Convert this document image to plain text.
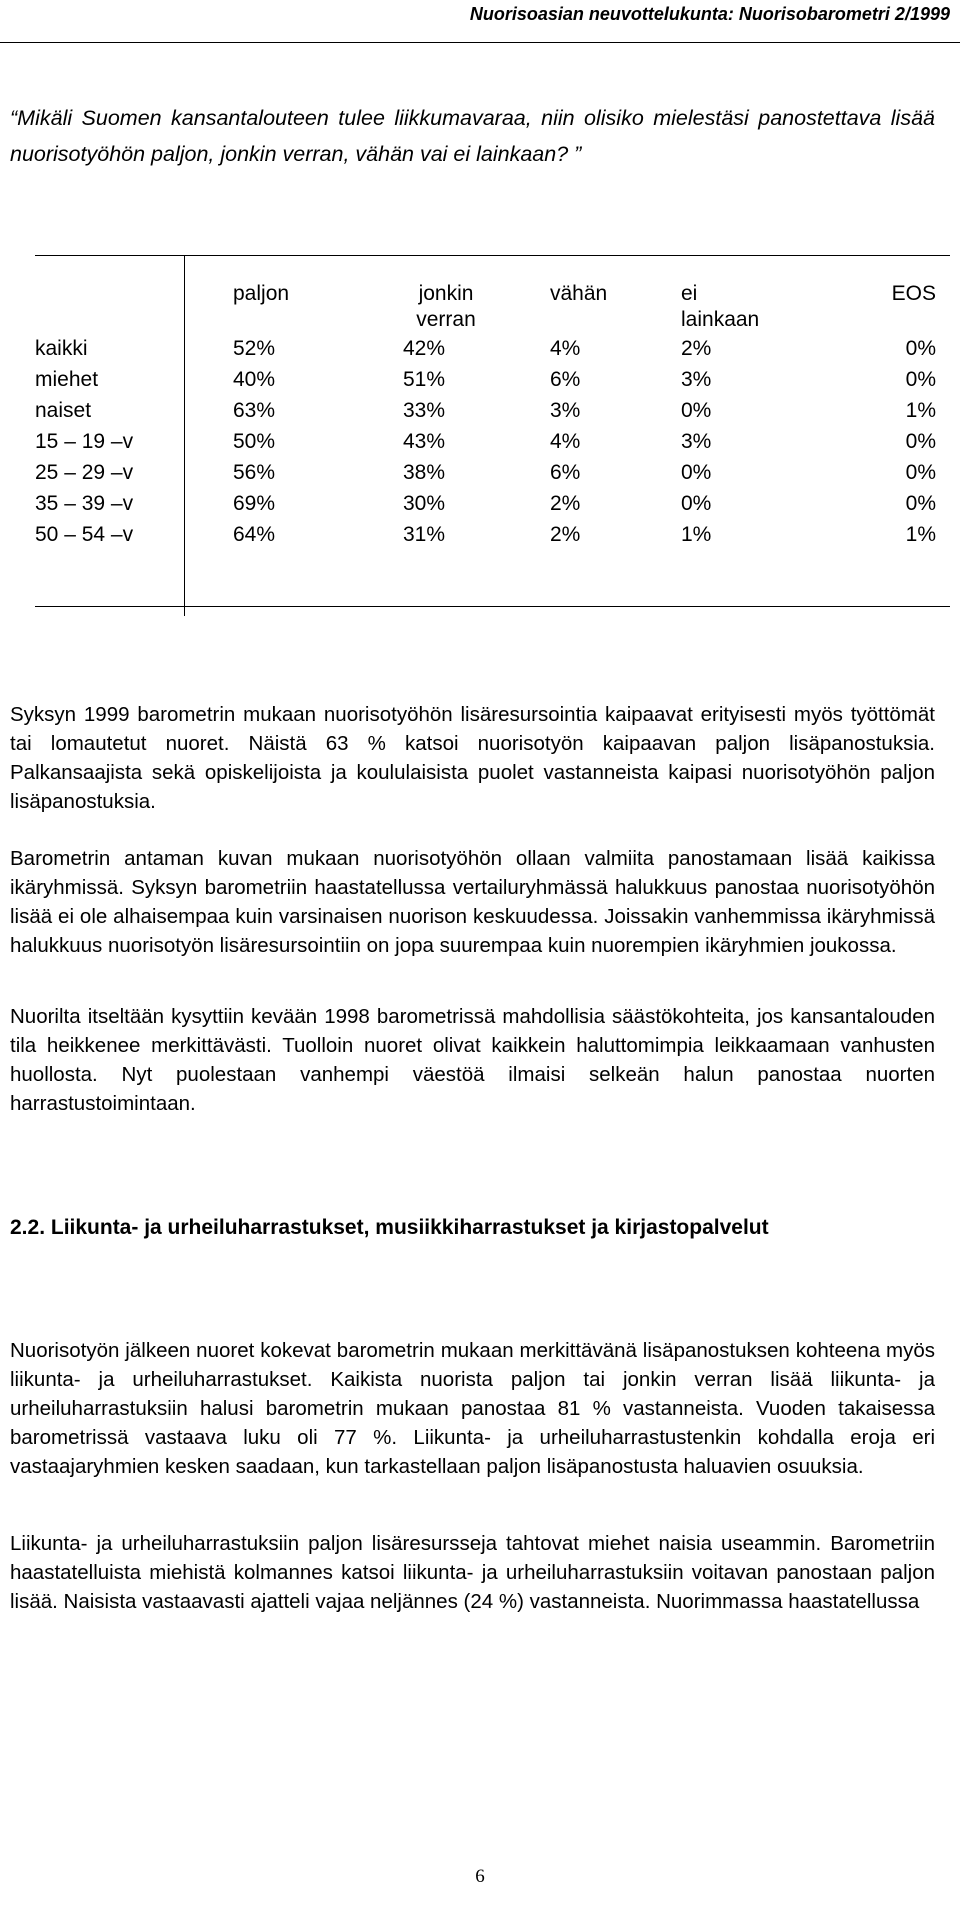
Nuorisoasian neuvottelukunta: Nuorisobarometri 2/1999
“Mikäli Suomen kansantalouteen tulee liikkumavaraa, niin olisiko mielestäsi panostettava lisää nuorisotyöhön paljon, jonkin verran, vähän vai ei lainkaan? ”
	paljon	jonkin verran	vähän	ei lainkaan	EOS
kaikki	52%	42%	4%	2%	0%
miehet	40%	51%	6%	3%	0%
naiset	63%	33%	3%	0%	1%
15 – 19 –v	50%	43%	4%	3%	0%
25 – 29 –v	56%	38%	6%	0%	0%
35 – 39 –v	69%	30%	2%	0%	0%
50 – 54 –v	64%	31%	2%	1%	1%

Syksyn 1999 barometrin mukaan nuorisotyöhön lisäresursointia kaipaavat erityisesti myös työttömät tai lomautetut nuoret. Näistä 63 % katsoi nuorisotyön kaipaavan paljon lisäpanostuksia. Palkansaajista sekä opiskelijoista ja koululaisista puolet vastanneista kaipasi nuorisotyöhön paljon lisäpanostuksia.

Barometrin antaman kuvan mukaan nuorisotyöhön ollaan valmiita panostamaan lisää kaikissa ikäryhmissä. Syksyn barometriin haastatellussa vertailuryhmässä halukkuus panostaa nuorisotyöhön lisää ei ole alhaisempaa kuin varsinaisen nuorison keskuudessa. Joissakin vanhemmissa ikäryhmissä halukkuus nuorisotyön lisäresursointiin on jopa suurempaa kuin nuorempien ikäryhmien joukossa.

Nuorilta itseltään kysyttiin kevään 1998 barometrissä mahdollisia säästökohteita, jos kansantalouden tila heikkenee merkittävästi. Tuolloin nuoret olivat kaikkein haluttomimpia leikkaamaan vanhusten huollosta. Nyt puolestaan vanhempi väestöä ilmaisi selkeän halun panostaa nuorten harrastustoimintaan.

2.2. Liikunta- ja urheiluharrastukset, musiikkiharrastukset ja kirjastopalvelut

Nuorisotyön jälkeen nuoret kokevat barometrin mukaan merkittävänä lisäpanostuksen kohteena myös liikunta- ja urheiluharrastukset. Kaikista nuorista paljon tai jonkin verran lisää liikunta- ja urheiluharrastuksiin halusi barometrin mukaan panostaa 81 % vastanneista. Vuoden takaisessa barometrissä vastaava luku oli 77 %. Liikunta- ja urheiluharrastustenkin kohdalla eroja eri vastaajaryhmien kesken saadaan, kun tarkastellaan paljon lisäpanostusta haluavien osuuksia.

Liikunta- ja urheiluharrastuksiin paljon lisäresursseja tahtovat miehet naisia useammin. Barometriin haastatelluista miehistä kolmannes katsoi liikunta- ja urheiluharrastuksiin voitavan panostaan paljon lisää. Naisista vastaavasti ajatteli vajaa neljännes (24 %) vastanneista. Nuorimmassa haastatellussa

6
